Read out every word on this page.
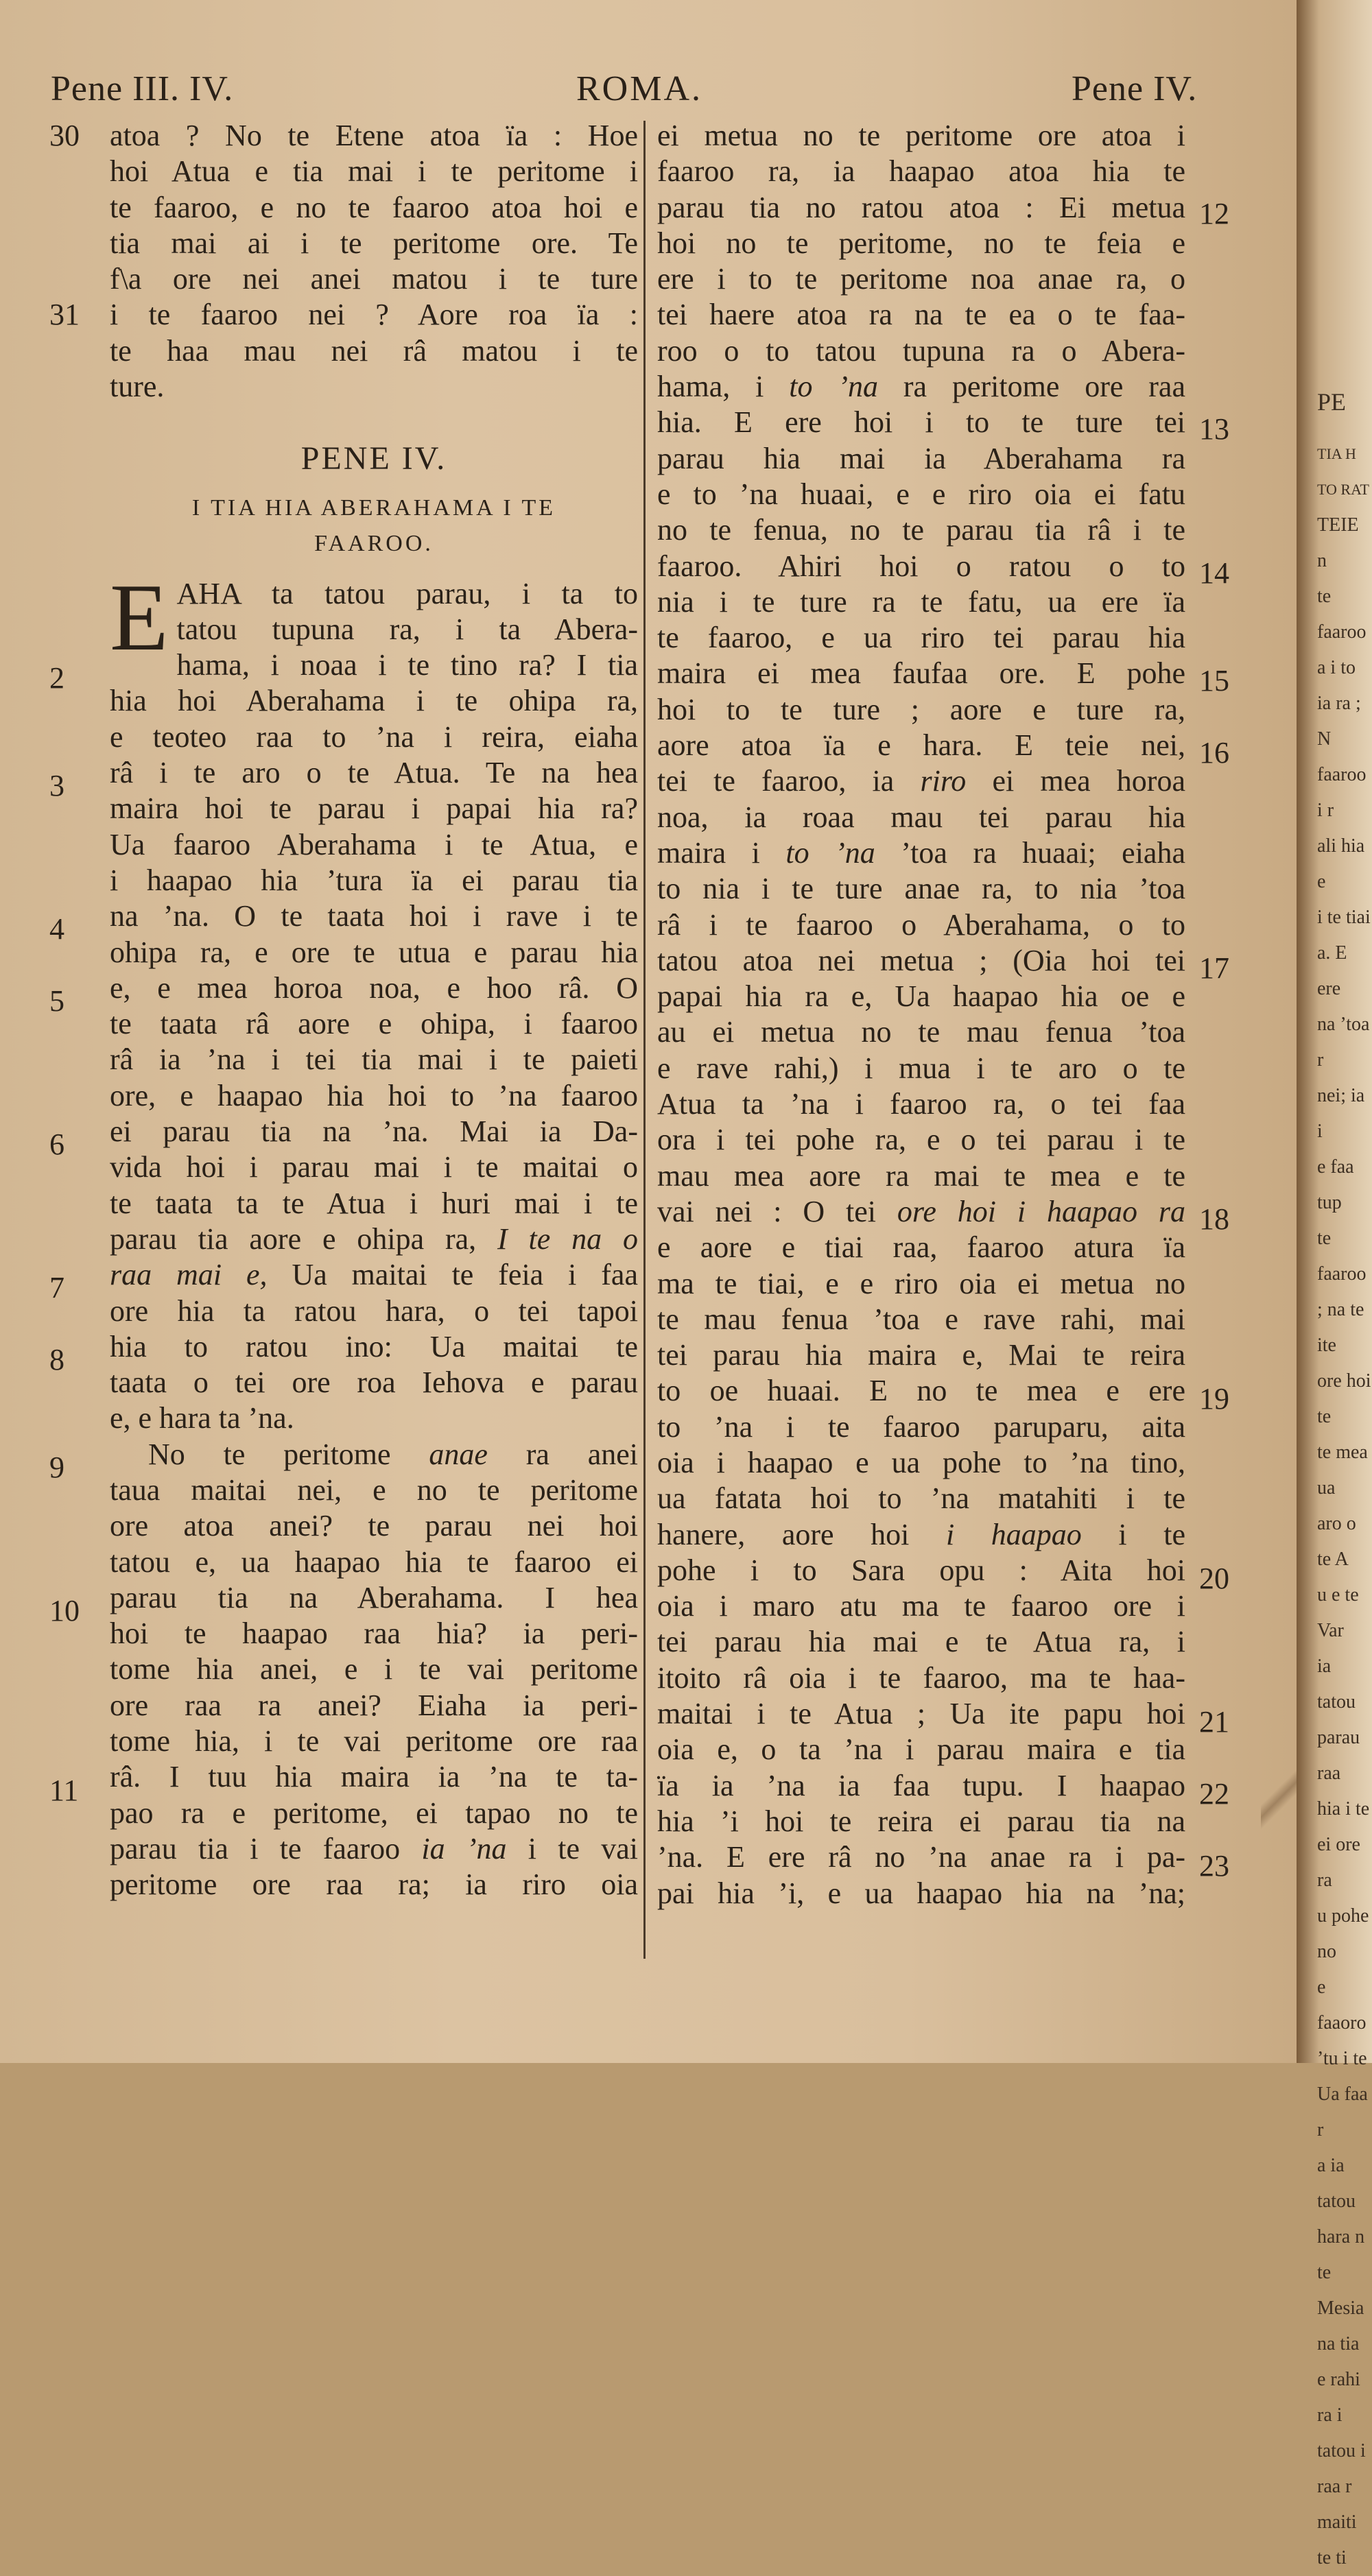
Pene III. IV.	ROMA.	Pene IV.
atoa ? No te Etene atoa ïa : Hoe
hoi Atua e tia mai i te peritome i
te faaroo, e no te faaroo atoa hoi e
tia mai ai i te peritome ore. Te
f\a ore nei anei matou i te ture
i te faaroo nei ? Aore roa ïa :
te haa mau nei râ matou i te
ture.
PENE IV.
I TIA HIA ABERAHAMA I TE
FAAROO.
E AHA ta tatou parau, i ta to
tatou tupuna ra, i ta Abera-
hama, i noaa i te tino ra? I tia
hia hoi Aberahama i te ohipa ra,
e teoteo raa to ’na i reira, eiaha
râ i te aro o te Atua. Te na hea
maira hoi te parau i papai hia ra?
Ua faaroo Aberahama i te Atua, e
i haapao hia ’tura ïa ei parau tia
na ’na. O te taata hoi i rave i te
ohipa ra, e ore te utua e parau hia
e, e mea horoa noa, e hoo râ. O
te taata râ aore e ohipa, i faaroo
râ ia ’na i tei tia mai i te paieti
ore, e haapao hia hoi to ’na faaroo
ei parau tia na ’na. Mai ia Da-
vida hoi i parau mai i te maitai o
te taata ta te Atua i huri mai i te
parau tia aore e ohipa ra, I te na o
raa mai e, Ua maitai te feia i faa
ore hia ta ratou hara, o tei tapoi
hia to ratou ino: Ua maitai te
taata o tei ore roa Iehova e parau
e, e hara ta ’na.
No te peritome anae ra anei
taua maitai nei, e no te peritome
ore atoa anei? te parau nei hoi
tatou e, ua haapao hia te faaroo ei
parau tia na Aberahama. I hea
hoi te haapao raa hia? ia peri-
tome hia anei, e i te vai peritome
ore raa ra anei? Eiaha ia peri-
tome hia, i te vai peritome ore raa
râ. I tuu hia maira ia ’na te ta-
pao ra e peritome, ei tapao no te
parau tia i te faaroo ia ’na i te vai
peritome ore raa ra; ia riro oia
30
31
2
3
4
5
6
7
8
9
10
11
ei metua no te peritome ore atoa i
faaroo ra, ia haapao atoa hia te
parau tia no ratou atoa : Ei metua
hoi no te peritome, no te feia e
ere i to te peritome noa anae ra, o
tei haere atoa ra na te ea o te faa-
roo o to tatou tupuna ra o Abera-
hama, i to ’na ra peritome ore raa
hia. E ere hoi i to te ture tei
parau hia mai ia Aberahama ra
e to ’na huaai, e e riro oia ei fatu
no te fenua, no te parau tia râ i te
faaroo. Ahiri hoi o ratou o to
nia i te ture ra te fatu, ua ere ïa
te faaroo, e ua riro tei parau hia
maira ei mea faufaa ore. E pohe
hoi to te ture ; aore e ture ra,
aore atoa ïa e hara. E teie nei,
tei te faaroo, ia riro ei mea horoa
noa, ia roaa mau tei parau hia
maira i to ’na ’toa ra huaai; eiaha
to nia i te ture anae ra, to nia ’toa
râ i te faaroo o Aberahama, o to
tatou atoa nei metua ; (Oia hoi tei
papai hia ra e, Ua haapao hia oe e
au ei metua no te mau fenua ’toa
e rave rahi,) i mua i te aro o te
Atua ta ’na i faaroo ra, o tei faa
ora i tei pohe ra, e o tei parau i te
mau mea aore ra mai te mea e te
vai nei : O tei ore hoi i haapao ra
e aore e tiai raa, faaroo atura ïa
ma te tiai, e e riro oia ei metua no
te mau fenua ’toa e rave rahi, mai
tei parau hia maira e, Mai te reira
to oe huaai. E no te mea e ere
to ’na i te faaroo paruparu, aita
oia i haapao e ua pohe to ’na tino,
ua fatata hoi to ’na matahiti i te
hanere, aore hoi i haapao i te
pohe i to Sara opu : Aita hoi
oia i maro atu ma te faaroo ore i
tei parau hia mai e te Atua ra, i
itoito râ oia i te faaroo, ma te haa-
maitai i te Atua ; Ua ite papu hoi
oia e, o ta ’na i parau maira e tia
ïa ia ’na ia faa tupu. I haapao
hia ’i hoi te reira ei parau tia na
’na. E ere râ no ’na anae ra i pa-
pai hia ’i, e ua haapao hia na ’na;
12
13
14
15
16
17
18
19
20
21
22
23
PE
TIA H
TO RAT
TEIE n
te faaroo
a i to
ia ra ; N
faaroo i r
ali hia e
i te tiai
a. E ere
na ’toa r
nei; ia i
e faa tup
te faaroo
; na te ite
ore hoi te
te mea ua
aro o te A
u e te Var
ia tatou
parau raa
hia i te
ei ore ra
u pohe no
e faaoro
’tu i te
Ua faa r
a ia tatou
hara n
te Mesia
na tia
e rahi
ra i
tatou i
raa r
maiti
te ti
